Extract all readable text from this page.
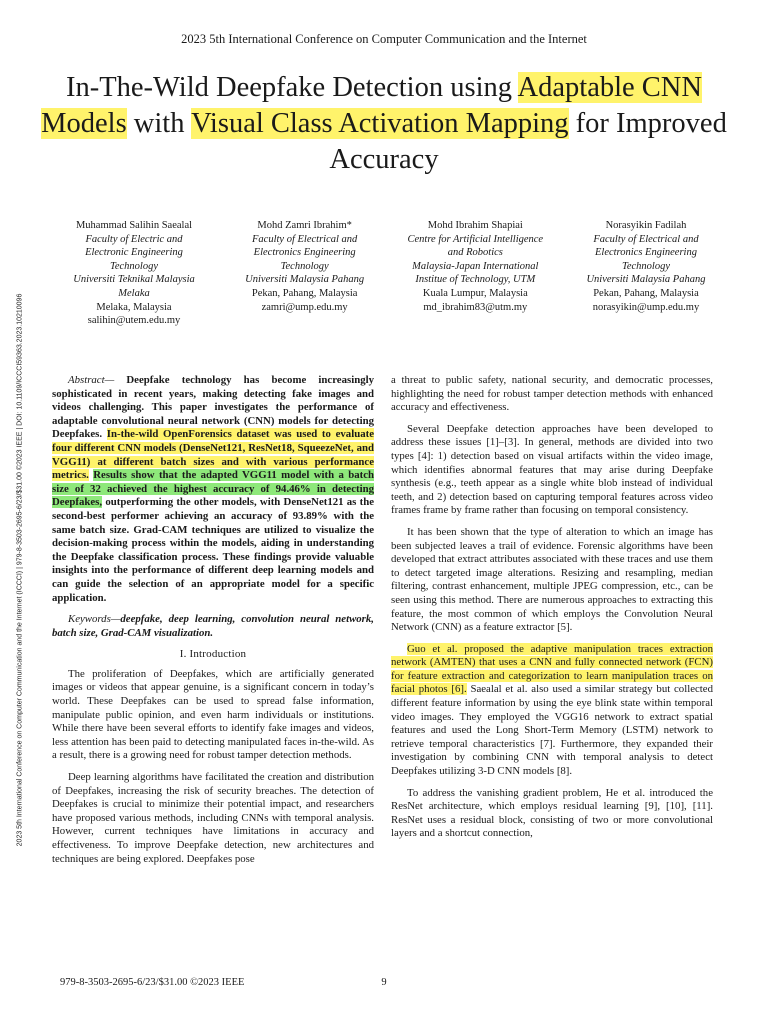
2023 5th International Conference on Computer Communication and the Internet
2023 5th International Conference on Computer Communication and the Internet (ICCCI) | 979-8-3503-2695-6/23/$31.00 ©2023 IEEE | DOI: 10.1109/ICCCI59363.2023.10210096
In-The-Wild Deepfake Detection using Adaptable CNN Models with Visual Class Activation Mapping for Improved Accuracy
Muhammad Salihin Saealal
Faculty of Electric and
Electronic Engineering
Technology
Universiti Teknikal Malaysia
Melaka
Melaka, Malaysia
salihin@utem.edu.my
Mohd Zamri Ibrahim*
Faculty of Electrical and
Electronics Engineering
Technology
Universiti Malaysia Pahang
Pekan, Pahang, Malaysia
zamri@ump.edu.my
Mohd Ibrahim Shapiai
Centre for Artificial Intelligence
and Robotics
Malaysia-Japan International
Institue of Technology, UTM
Kuala Lumpur, Malaysia
md_ibrahim83@utm.my
Norasyikin Fadilah
Faculty of Electrical and
Electronics Engineering
Technology
Universiti Malaysia Pahang
Pekan, Pahang, Malaysia
norasyikin@ump.edu.my

Abstract— Deepfake technology has become increasingly sophisticated in recent years, making detecting fake images and videos challenging. This paper investigates the performance of adaptable convolutional neural network (CNN) models for detecting Deepfakes. In-the-wild OpenForensics dataset was used to evaluate four different CNN models (DenseNet121, ResNet18, SqueezeNet, and VGG11) at different batch sizes and with various performance metrics. Results show that the adapted VGG11 model with a batch size of 32 achieved the highest accuracy of 94.46% in detecting Deepfakes, outperforming the other models, with DenseNet121 as the second-best performer achieving an accuracy of 93.89% with the same batch size. Grad-CAM techniques are utilized to visualize the decision-making process within the models, aiding in understanding the Deepfake classification process. These findings provide valuable insights into the performance of different deep learning models and can guide the selection of an appropriate model for a specific application.

Keywords—deepfake, deep learning, convolution neural network, batch size, Grad-CAM visualization.

I. Introduction

The proliferation of Deepfakes, which are artificially generated images or videos that appear genuine, is a significant concern in today’s world. These Deepfakes can be used to spread false information, manipulate public opinion, and even harm individuals or institutions. While there have been several efforts to identify fake images and videos, less attention has been paid to detecting manipulated faces in-the-wild. As a result, there is a growing need for robust tamper detection methods.

Deep learning algorithms have facilitated the creation and distribution of Deepfakes, increasing the risk of security breaches. The detection of Deepfakes is crucial to minimize their potential impact, and researchers have proposed various methods, including CNNs with temporal analysis. However, current techniques have limitations in accuracy and effectiveness. To improve Deepfake detection, new architectures and techniques are being explored. Deepfakes pose

a threat to public safety, national security, and democratic processes, highlighting the need for robust tamper detection methods with enhanced accuracy and effectiveness.

Several Deepfake detection approaches have been developed to address these issues [1]–[3]. In general, methods are divided into two types [4]: 1) detection based on visual artifacts within the video image, which identifies abnormal features that may arise during Deepfake synthesis (e.g., teeth appear as a single white blob instead of individual teeth, and 2) detection based on capturing temporal features across video frames frame by frame rather than focusing on temporal consistency.

It has been shown that the type of alteration to which an image has been subjected leaves a trail of evidence. Forensic algorithms have been developed that extract attributes associated with these traces and use them to detect targeted image alterations. Resizing and resampling, median filtering, contrast enhancement, multiple JPEG compression, etc., can be seen using this method. There are numerous approaches to extracting this feature, the most common of which employs the Convolution Neural Network (CNN) as a feature extractor [5].

Guo et al. proposed the adaptive manipulation traces extraction network (AMTEN) that uses a CNN and fully connected network (FCN) for feature extraction and categorization to learn manipulation traces on facial photos [6]. Saealal et al. also used a similar strategy but collected different feature information by using the eye blink state within temporal video images. They employed the VGG16 network to extract spatial features and used the Long Short-Term Memory (LSTM) network to retrieve temporal characteristics [7]. Furthermore, they expanded their investigation by combining CNN with temporal analysis to detect Deepfakes utilizing 3-D CNN models [8].

To address the vanishing gradient problem, He et al. introduced the ResNet architecture, which employs residual learning [9], [10], [11]. ResNet uses a residual block, consisting of two or more convolutional layers and a shortcut connection,

979-8-3503-2695-6/23/$31.00 ©2023 IEEE	9
